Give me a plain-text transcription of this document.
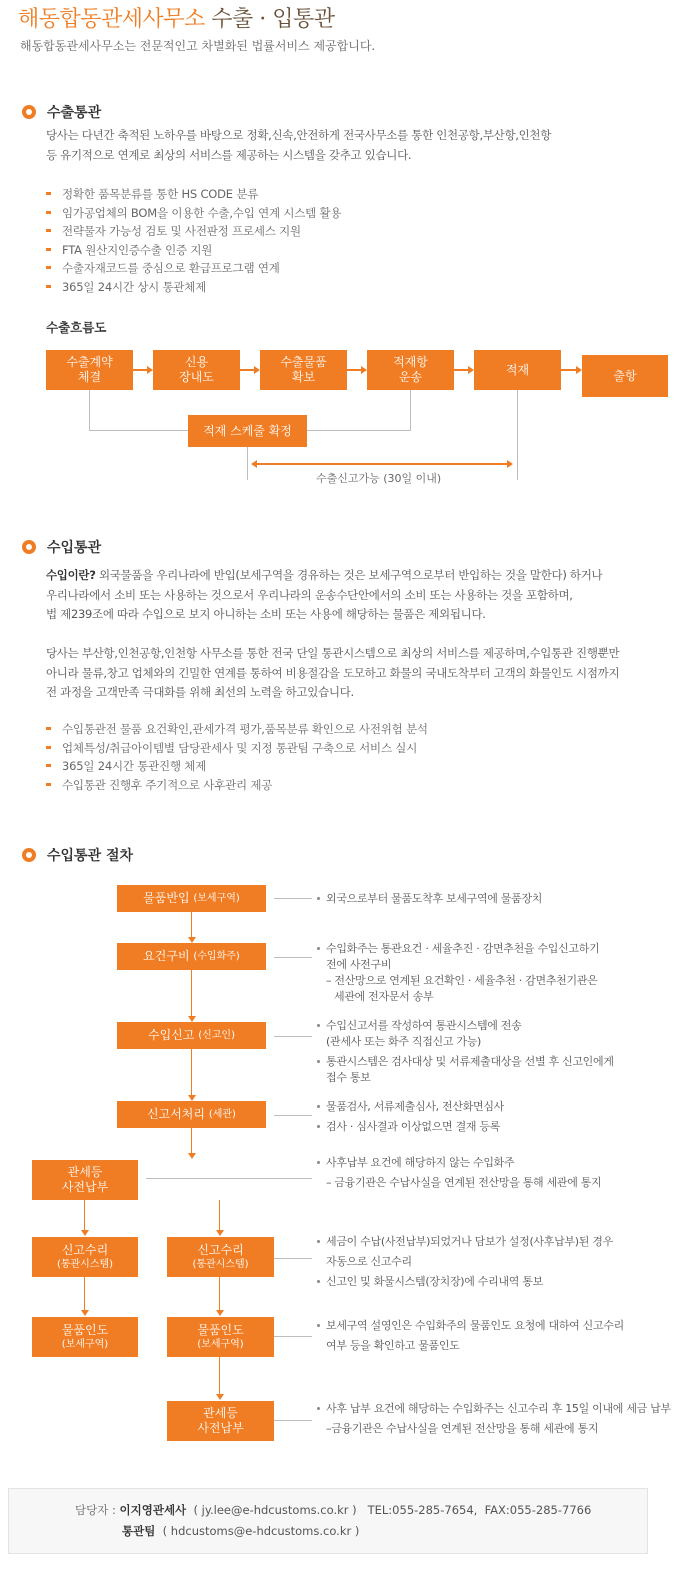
해동합동관세사무소 수출 · 입통관
해동합동관세사무소는 전문적인고 차별화된 법률서비스 제공합니다.
수출통관
당사는 다년간 축적된 노하우를 바탕으로 정확,신속,안전하게 전국사무소를 통한 인천공항,부산항,인천항
등 유기적으로 연계로 최상의 서비스를 제공하는 시스템을 갖추고 있습니다.
정확한 품목분류를 통한 HS CODE 분류
임가공업체의 BOM을 이용한 수출,수입 연계 시스템 활용
전략물자 가능성 검토 및 사전판정 프로세스 지원
FTA 원산지인증수출 인증 지원
수출자재코드를 중심으로 환급프로그램 연계
365일 24시간 상시 통관체제
수출흐름도
수출계약
체결
신용
장내도
수출물품
확보
적재항
운송
적재	출항
적재 스케줄 확정
수출신고가능 (30일 이내)
수입통관
수입이란? 외국물품을 우리나라에 반입(보세구역을 경유하는 것은 보세구역으로부터 반입하는 것을 말한다) 하거나
우리나라에서 소비 또는 사용하는 것으로서 우리나라의 운송수단안에서의 소비 또는 사용하는 것을 포함하며,
법 제239조에 따라 수입으로 보지 아니하는 소비 또는 사용에 해당하는 물품은 제외됩니다.
당사는 부산항,인천공항,인천항 사무소를 통한 전국 단일 통관시스템으로 최상의 서비스를 제공하며,수입통관 진행뿐만
아니라 물류,창고 업체와의 긴밀한 연계를 통하여 비용절감을 도모하고 화물의 국내도착부터 고객의 화물인도 시점까지
전 과정을 고객만족 극대화를 위해 최선의 노력을 하고있습니다.
수입통관전 물품 요건확인,관세가격 평가,품목분류 확인으로 사전위험 분석
업체특성/취급아이템별 담당관세사 및 지정 통관팀 구축으로 서비스 실시
365일 24시간 통관진행 체제
수입통관 진행후 주기적으로 사후관리 제공
수입통관 절차
물품반입
(보세구역)
요건구비
(수입화주)
수입신고
(신고인)
신고서처리
(세관)
관세등
사전납부
신고수리
(통관시스템)
물품인도
(보세구역)
신고수리
(통관시스템)
물품인도
(보세구역)
관세등
사전납부
외국으로부터 물품도착후 보세구역에 물품장치
수입화주는 통관요건 · 세율추진 · 감면추천을 수입신고하기
전에 사전구비
– 전산망으로 연계된 요건확인 · 세율추천 · 감면추천기관은
세관에 전자문서 송부
수입신고서를 작성하여 통관시스템에 전송
(관세사 또는 화주 직접신고 가능)
통관시스템은 검사대상 및 서류제출대상을 선별 후 신고인에게
접수 통보
물품검사, 서류제출심사, 전산화면심사
검사 · 심사결과 이상없으면 결재 등록
사후납부 요건에 해당하지 않는 수입화주
– 금융기관은 수납사실을 연계된 전산망을 통해 세관에 통지
세금이 수납(사전납부)되었거나 담보가 설정(사후납부)된 경우
자동으로 신고수리
신고인 및 화물시스템(장치장)에 수리내역 통보
보세구역 설영인은 수입화주의 물품인도 요청에 대하여 신고수리
여부 등을 확인하고 물품인도
사후 납부 요건에 해당하는 수입화주는 신고수리 후 15일 이내에 세금 납부
–금융기관은 수납사실을 연계된 전산망을 통해 세관에 통지
담당자 : 이지영관세사 ( jy.lee@e-hdcustoms.co.kr ) TEL:055-285-7654, FAX:055-285-7766
통관팀 ( hdcustoms@e-hdcustoms.co.kr )
